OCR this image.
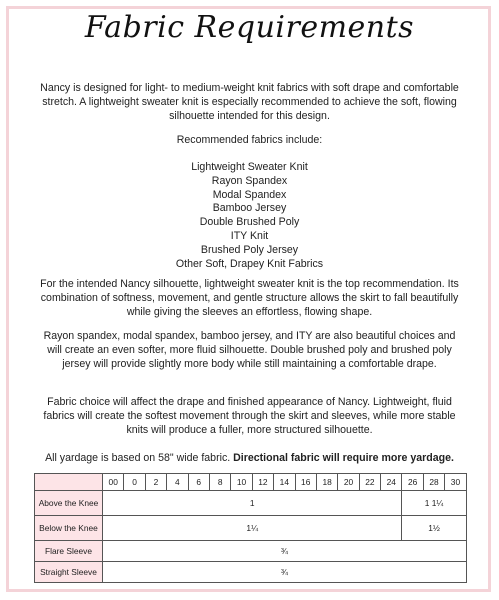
Fabric Requirements

Nancy is designed for light- to medium-weight knit fabrics with soft drape and comfortable stretch. A lightweight sweater knit is especially recommended to achieve the soft, flowing silhouette intended for this design.

Recommended fabrics include:
Lightweight Sweater Knit
Rayon Spandex
Modal Spandex
Bamboo Jersey
Double Brushed Poly
ITY Knit
Brushed Poly Jersey
Other Soft, Drapey Knit Fabrics

For the intended Nancy silhouette, lightweight sweater knit is the top recommendation. Its combination of softness, movement, and gentle structure allows the skirt to fall beautifully while giving the sleeves an effortless, flowing shape.

Rayon spandex, modal spandex, bamboo jersey, and ITY are also beautiful choices and will create an even softer, more fluid silhouette. Double brushed poly and brushed poly jersey will provide slightly more body while still maintaining a comfortable drape.

Fabric choice will affect the drape and finished appearance of Nancy. Lightweight, fluid fabrics will create the softest movement through the skirt and sleeves, while more stable knits will produce a fuller, more structured silhouette.

All yardage is based on 58" wide fabric. Directional fabric will require more yardage.
	00	0	2	4	6	8	10	12	14	16	18	20	22	24	26	28	30
Above the Knee	1														1 1¼		
Below the Knee	1¼														1½		
Flare Sleeve	¾																
Straight Sleeve	¾																
